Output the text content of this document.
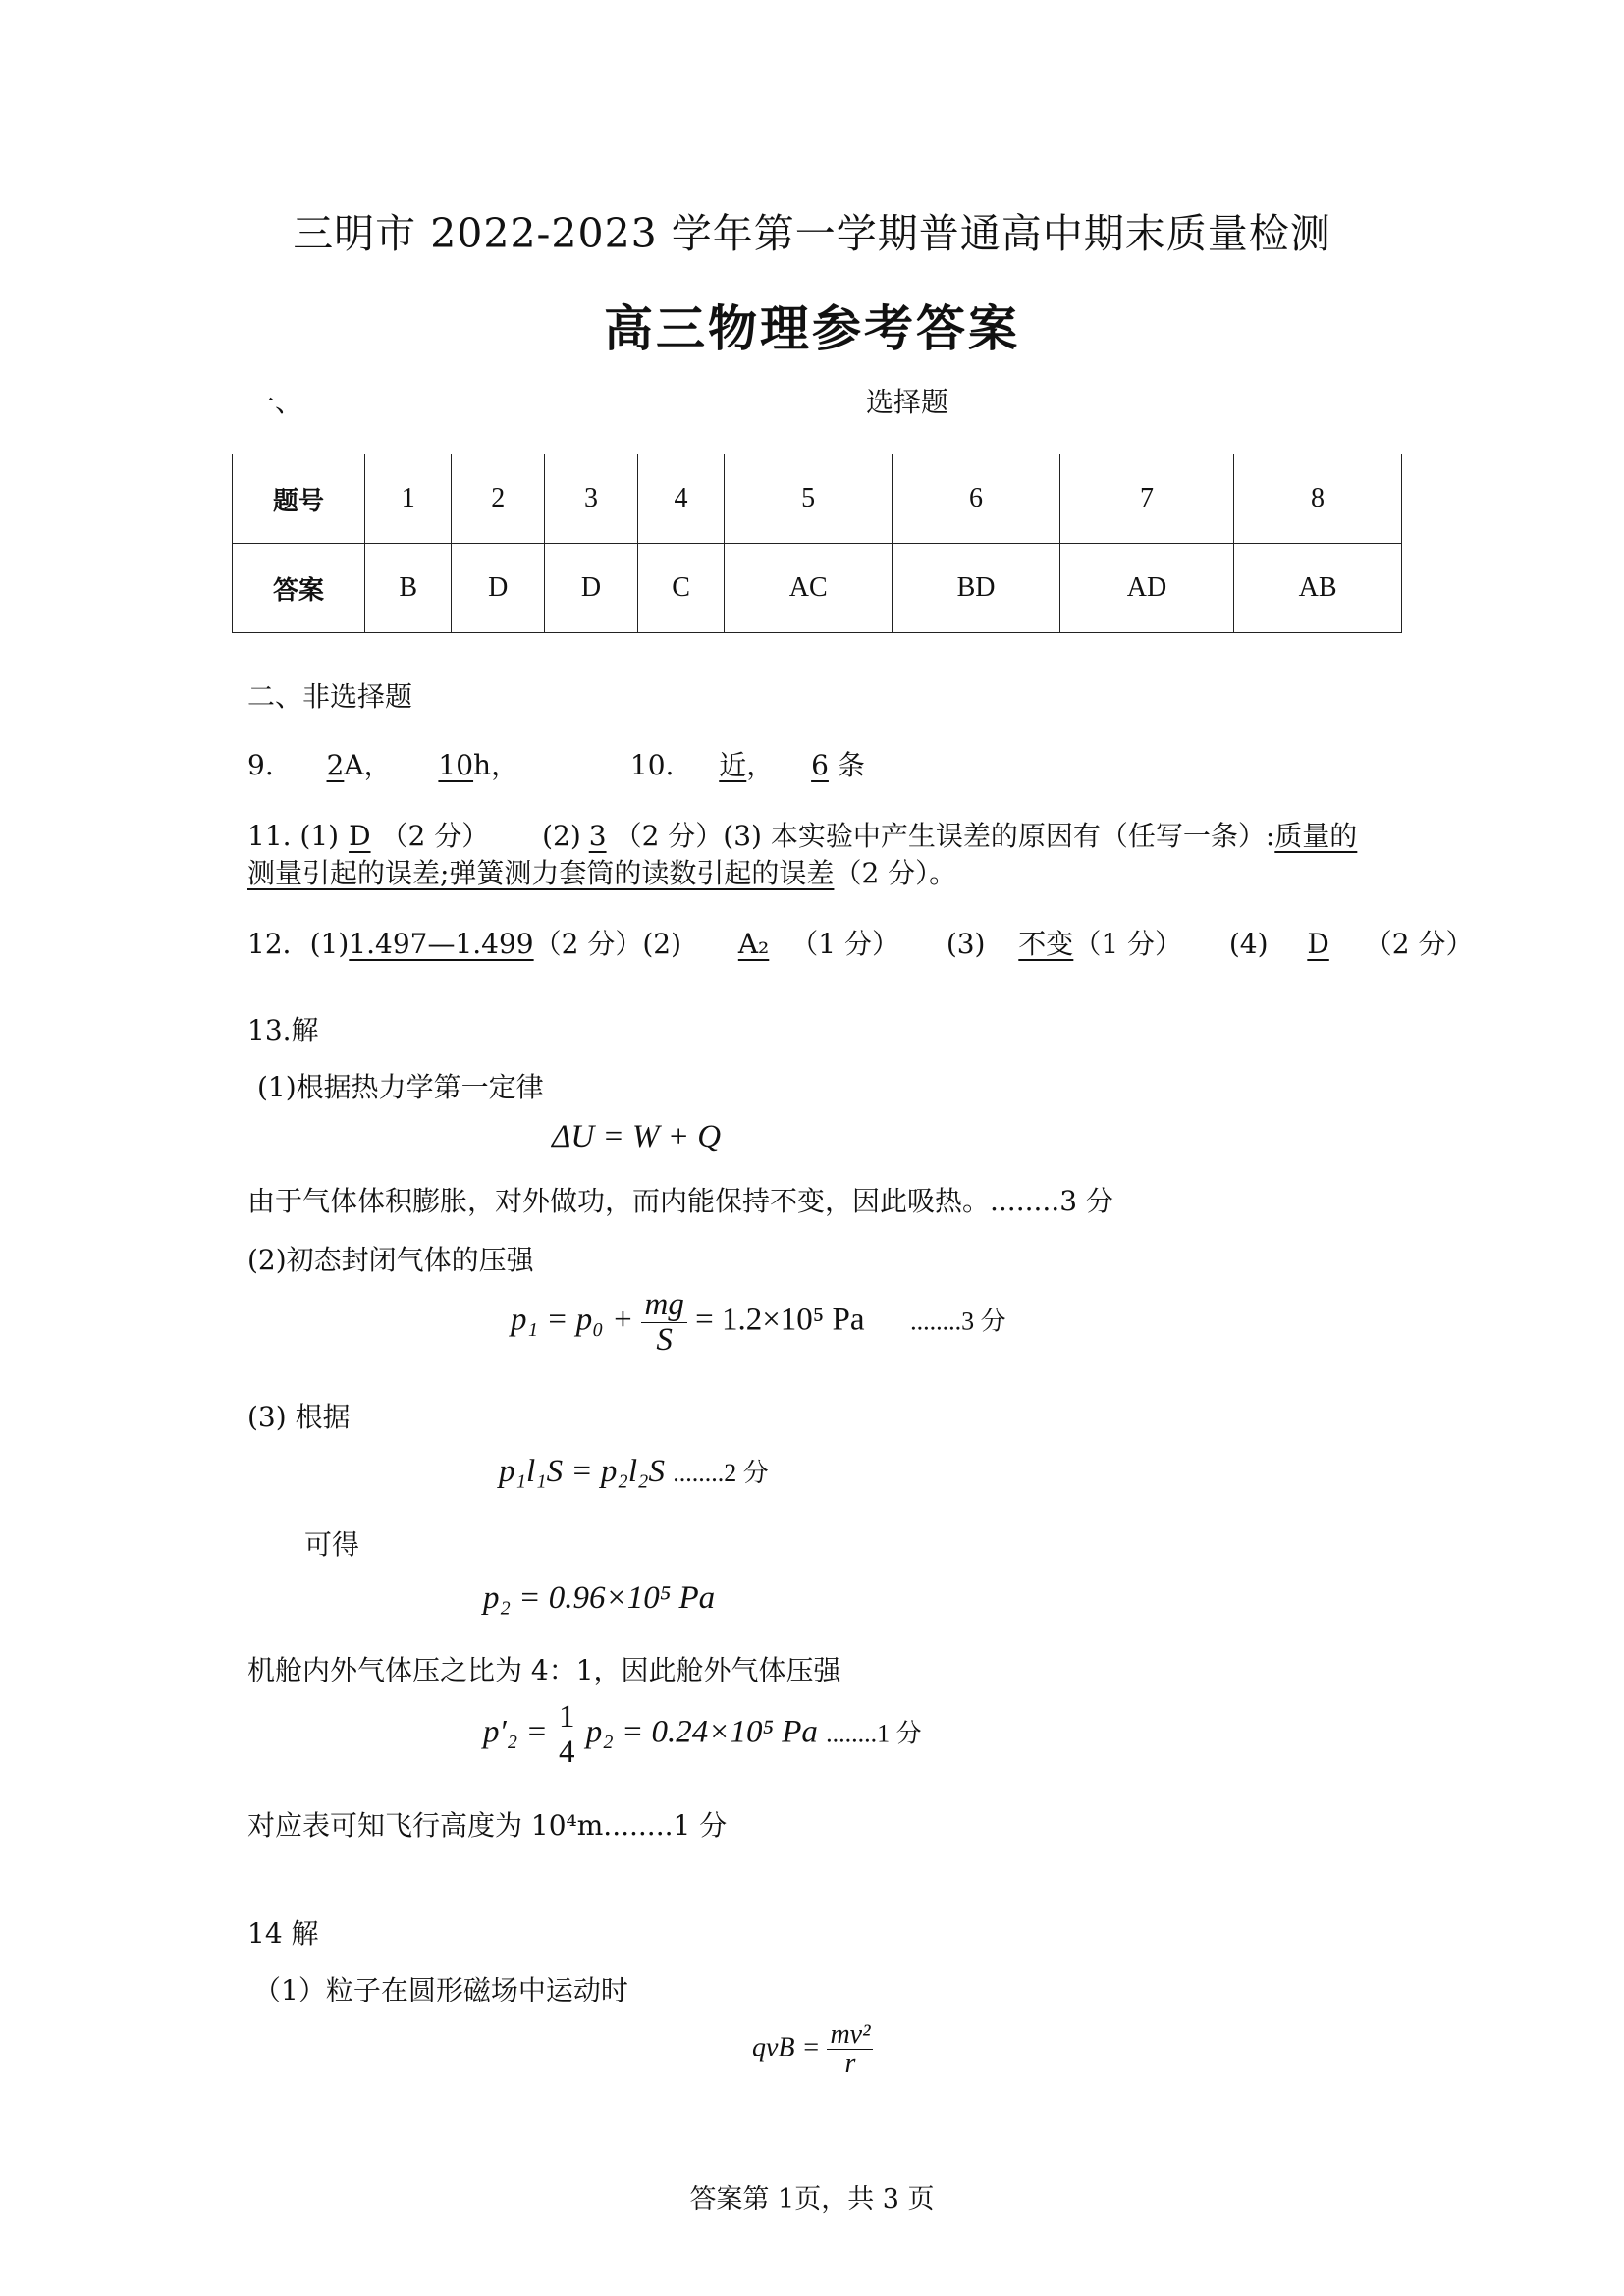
三明市 2022-2023 学年第一学期普通高中期末质量检测
高三物理参考答案
一、	选择题
题号	1	2	3	4	5	6	7	8
答案	B	D	D	C	AC	BD	AD	AB
二、非选择题
9. 2A， 10h，	10. 近， 6 条
11. (1) D （2 分） (2) 3 （2 分）(3) 本实验中产生误差的原因有（任写一条）:质量的
测量引起的误差;弹簧测力套筒的读数引起的误差（2 分）。
12．(1)1.497—1.499（2 分）(2) A₂ （1 分） (3) 不变（1 分） (4) D （2 分）
13.解
(1)根据热力学第一定律
ΔU = W + Q
由于气体体积膨胀，对外做功，而内能保持不变，因此吸热。........3 分
(2)初态封闭气体的压强
$p_1 = p_0 + \frac{mg}{S} = 1.2\times 10^5$ Pa ........3 分
(3) 根据
p₁l₁S = p₂l₂S ........2 分
可得
p₂ = 0.96×10⁵ Pa
机舱内外气体压之比为 4：1，因此舱外气体压强
$p'_2 = \frac{1}{4} p_2 = 0.24\times 10^5$ Pa ........1 分
对应表可知飞行高度为 10⁴m........1 分
14 解
（1）粒子在圆形磁场中运动时
qvB = $\frac{\text{mv²}}{r}$
答案第 1页，共 3 页
